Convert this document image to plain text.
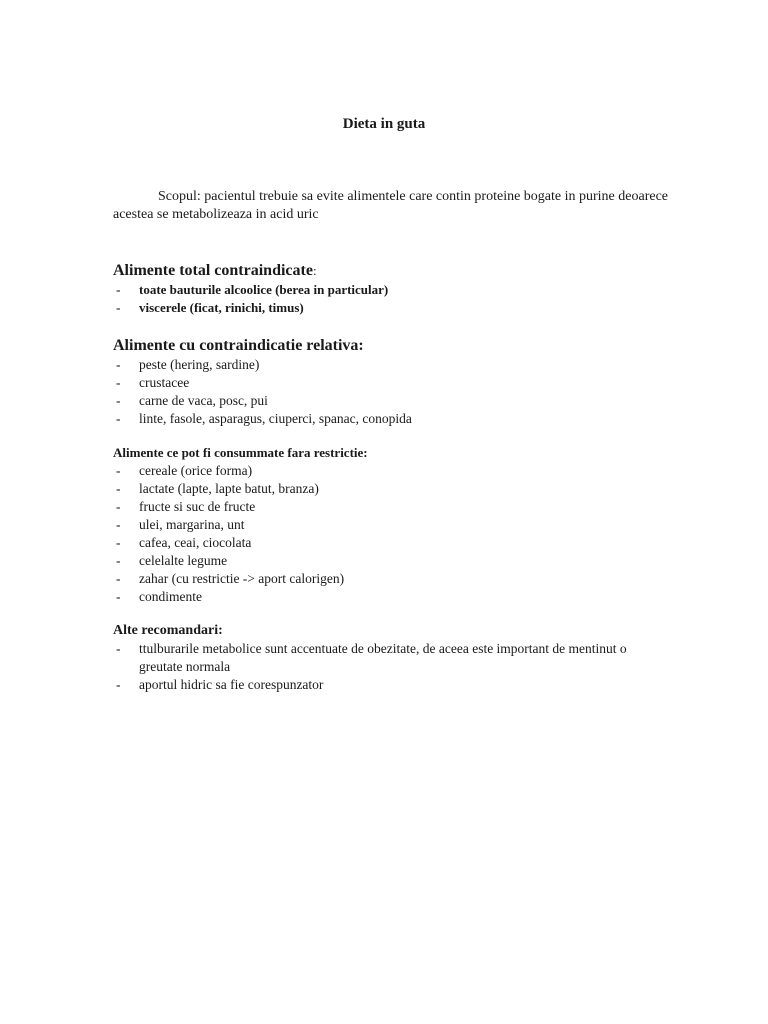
Dieta in guta

Scopul: pacientul trebuie sa evite alimentele care contin proteine bogate in purine deoarece acestea se metabolizeaza in acid uric

Alimente total contraindicate:
- toate bauturile alcoolice (berea in particular)
- viscerele (ficat, rinichi, timus)
Alimente cu contraindicatie relativa:
- peste (hering, sardine)
- crustacee
- carne de vaca, posc, pui
- linte, fasole, asparagus, ciuperci, spanac, conopida
Alimente ce pot fi consummate fara restrictie:
- cereale (orice forma)
- lactate (lapte, lapte batut, branza)
- fructe si suc de fructe
- ulei, margarina, unt
- cafea, ceai, ciocolata
- celelalte legume
- zahar (cu restrictie -> aport calorigen)
- condimente
Alte recomandari:
- ttulburarile metabolice sunt accentuate de obezitate, de aceea este important de mentinut o greutate normala
- aportul hidric sa fie corespunzator
